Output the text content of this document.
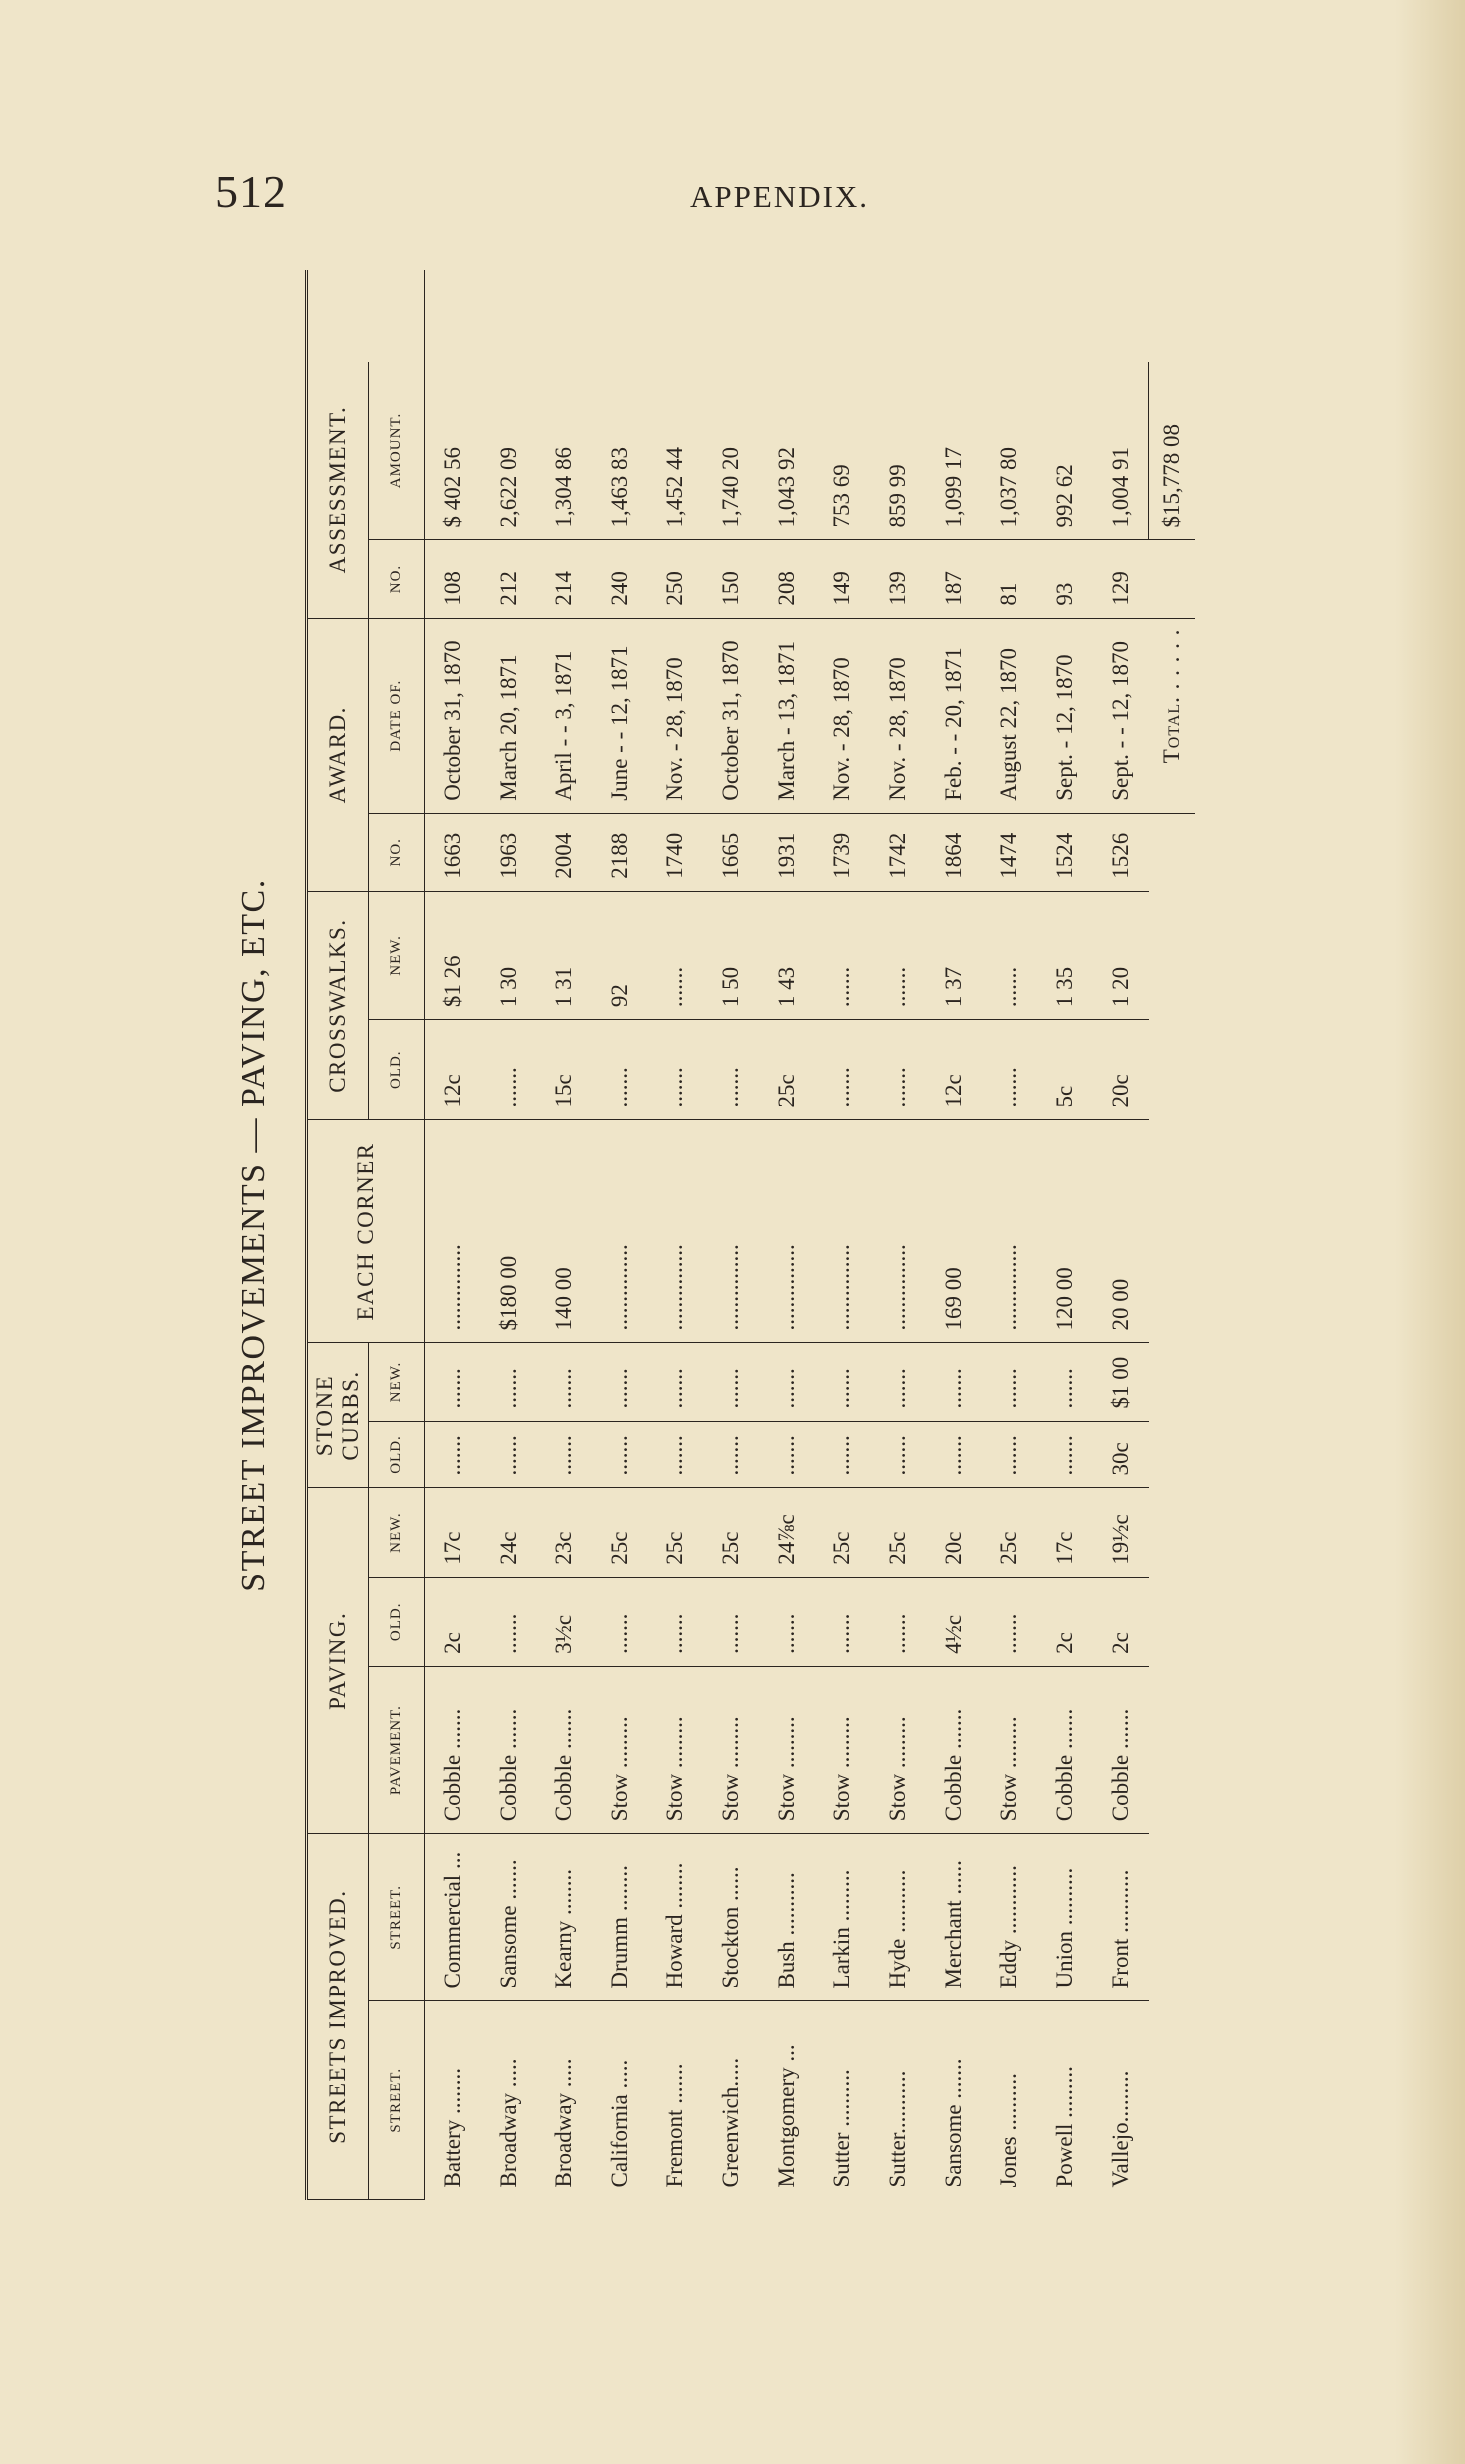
512	APPENDIX.
STREET IMPROVEMENTS — PAVING, ETC.
STREETS IMPROVED.		PAVING.			STONE CURBS.		EACH CORNER	CROSSWALKS.		AWARD.		ASSESSMENT.		
STREET.	STREET.	PAVEMENT.	OLD.	NEW.	OLD.	NEW.		OLD.	NEW.	NO.	DATE OF.	NO.	AMOUNT.	
Battery ........	Commercial ...	Cobble .......	2c	17c	.......	.......	...............	12c	$1 26	1663	October 31, 1870	108	$ 402 56	
Broadway .....	Sansome .......	Cobble .......	.......	24c	.......	.......	$180 00	.......	1 30	1963	March 20, 1871	212	2,622 09	
Broadway .....	Kearny ........	Cobble .......	3½c	23c	.......	.......	140 00	15c	1 31	2004	April - - 3, 1871	214	1,304 86	
California .....	Drumm ........	Stow .........	.......	25c	.......	.......	...............	.......	92	2188	June - - 12, 1871	240	1,463 83	
Fremont .......	Howard ........	Stow .........	.......	25c	.......	.......	...............	.......	.......	1740	Nov. - 28, 1870	250	1,452 44	
Greenwich.....	Stockton ......	Stow .........	.......	25c	.......	.......	...............	.......	1 50	1665	October 31, 1870	150	1,740 20	
Montgomery ...	Bush ...........	Stow .........	.......	24⅞c	.......	.......	...............	25c	1 43	1931	March - 13, 1871	208	1,043 92	
Sutter ..........	Larkin .........	Stow .........	.......	25c	.......	.......	...............	.......	.......	1739	Nov. - 28, 1870	149	753 69	
Sutter...........	Hyde ...........	Stow .........	.......	25c	.......	.......	...............	.......	.......	1742	Nov. - 28, 1870	139	859 99	
Sansome .......	Merchant ......	Cobble .......	4½c	20c	.......	.......	169 00	12c	1 37	1864	Feb. - - 20, 1871	187	1,099 17	
Jones ..........	Eddy ............	Stow .........	.......	25c	.......	.......	...............	.......	.......	1474	August 22, 1870	81	1,037 80	
Powell .........	Union ..........	Cobble .......	2c	17c	.......	.......	120 00	5c	1 35	1524	Sept. - 12, 1870	93	992 62	
Vallejo.........	Front ...........	Cobble .......	2c	19½c	30c	$1 00	20 00	20c	1 20	1526	Sept. - - 12, 1870	129	1,004 91	
											Total. . . . . .		$15,778 08	
